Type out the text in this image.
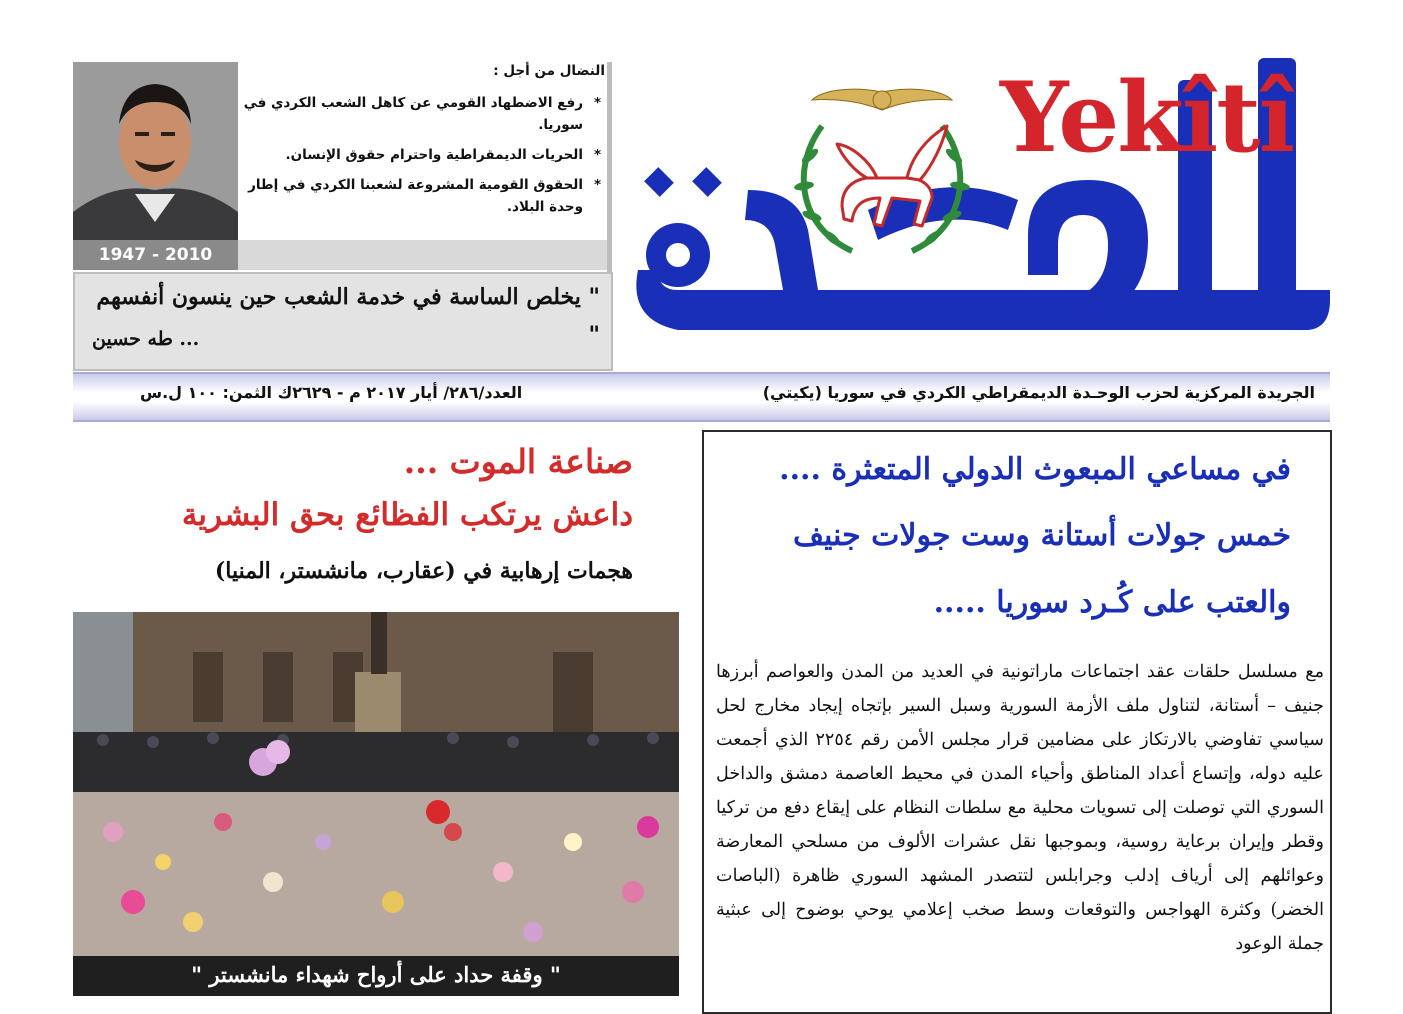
Yekîtî
1947 - 2010
النضال من أجل :
*
رفع الاضطهاد القومي عن كاهل الشعب الكردي في سوريا.
*
الحريات الديمقراطية واحترام حقوق الإنسان.
*
الحقوق القومية المشروعة لشعبنا الكردي في إطار وحدة البلاد.
" يخلص الساسة في خدمة الشعب حين ينسون أنفسهم "
... طه حسين
الجريدة المركزية لحزب الوحـدة الديمقراطي الكردي في سوريا (يكيتي)
العدد/٢٨٦/ أيار ٢٠١٧ م - ٢٦٢٩ك الثمن: ١٠٠ ل.س
صناعة الموت ...
داعش يرتكب الفظائع بحق البشرية
هجمات إرهابية في (عقارب، مانشستر، المنيا)
" وقفة حداد على أرواح شهداء مانشستر "
في مساعي المبعوث الدولي المتعثرة ....
خمس جولات أستانة وست جولات جنيف
والعتب على كُـرد سوريا .....
مع مسلسل حلقات عقد اجتماعات ماراتونية في العديد من المدن والعواصم أبرزها جنيف – أستانة، لتناول ملف الأزمة السورية وسبل السير بإتجاه إيجاد مخارج لحل سياسي تفاوضي بالارتكاز على مضامين قرار مجلس الأمن رقم ٢٢٥٤ الذي أجمعت عليه دوله، وإتساع أعداد المناطق وأحياء المدن في محيط العاصمة دمشق والداخل السوري التي توصلت إلى تسويات محلية مع سلطات النظام على إيقاع دفع من تركيا وقطر وإيران برعاية روسية، وبموجبها نقل عشرات الألوف من مسلحي المعارضة وعوائلهم إلى أرياف إدلب وجرابلس لتتصدر المشهد السوري ظاهرة (الباصات الخضر) وكثرة الهواجس والتوقعات وسط صخب إعلامي يوحي بوضوح إلى عبثية جملة الوعود
